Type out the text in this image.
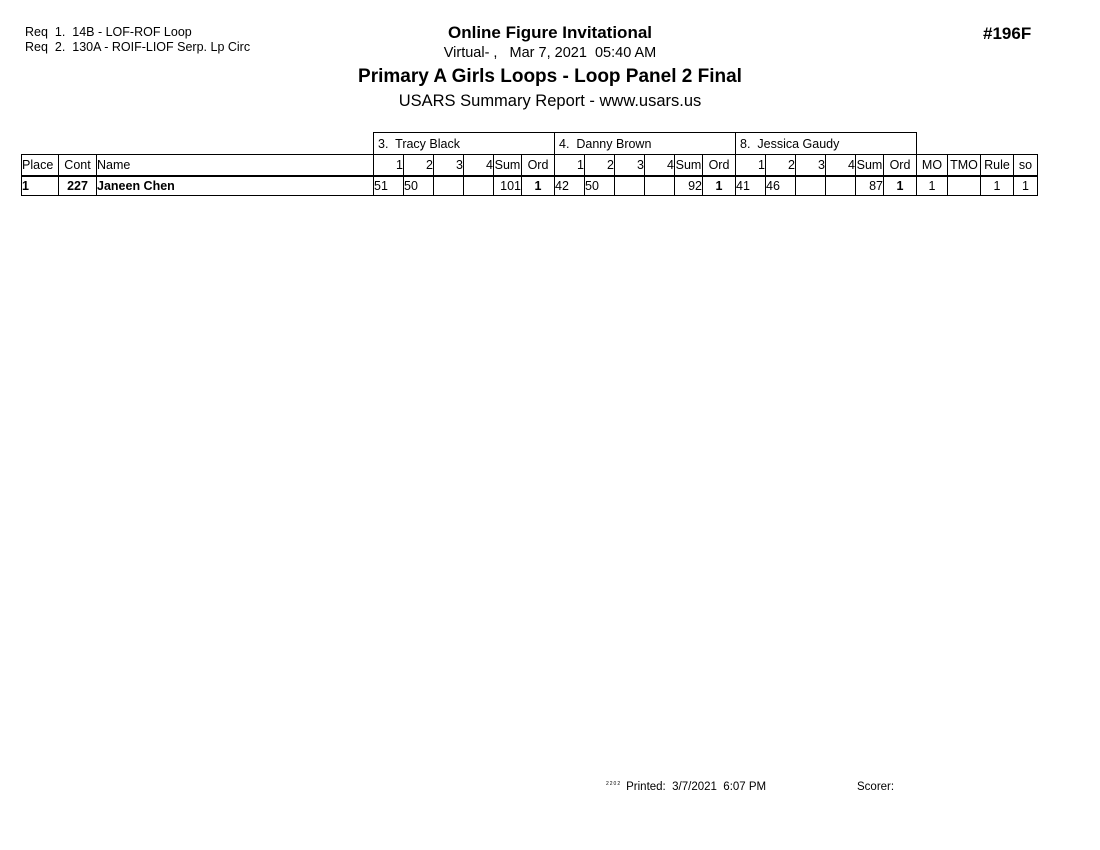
Req  1.  14B - LOF-ROF Loop
Req  2.  130A - ROIF-LIOF Serp. Lp Circ
Online Figure Invitational
Virtual- ,   Mar 7, 2021  05:40 AM
Primary A Girls Loops - Loop Panel 2 Final
USARS Summary Report - www.usars.us
#196F
			3.  Tracy Black						4.  Danny Brown						8.  Jessica Gaudy									
Place	Cont	Name	1	2	3	4	Sum	Ord	1	2	3	4	Sum	Ord	1	2	3	4	Sum	Ord	MO	TMO	Rule	so
1	227	Janeen Chen	51	50			101	1	42	50			92	1	41	46			87	1	1		1	1
2202 Printed:  3/7/2021  6:07 PM	Scorer:
